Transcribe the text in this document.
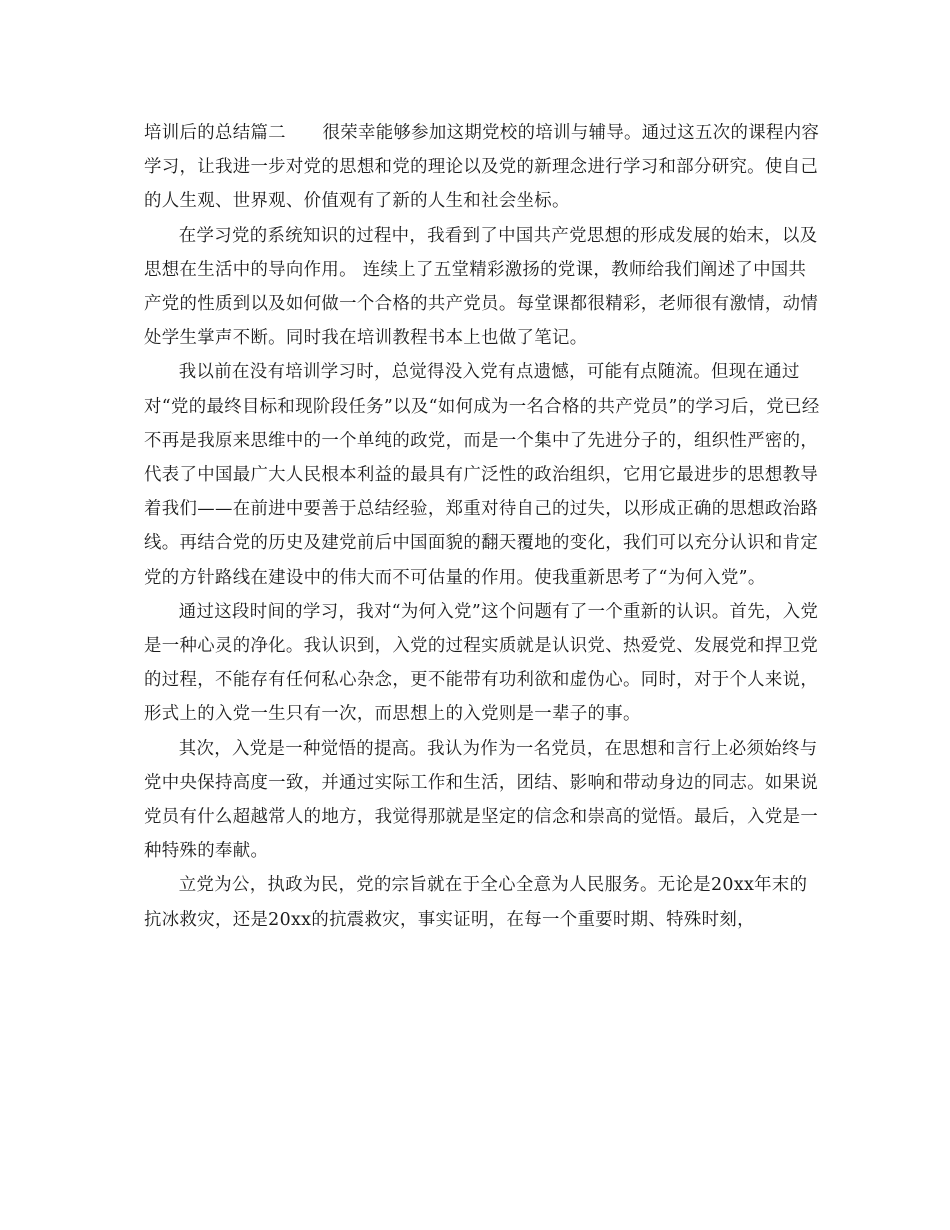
培训后的总结篇二 很荣幸能够参加这期党校的培训与辅导。通过这五次的课程内容学习，让我进一步对党的思想和党的理论以及党的新理念进行学习和部分研究。使自己的人生观、世界观、价值观有了新的人生和社会坐标。

在学习党的系统知识的过程中，我看到了中国共产党思想的形成发展的始末，以及思想在生活中的导向作用。 连续上了五堂精彩激扬的党课，教师给我们阐述了中国共产党的性质到以及如何做一个合格的共产党员。每堂课都很精彩，老师很有激情，动情处学生掌声不断。同时我在培训教程书本上也做了笔记。

我以前在没有培训学习时，总觉得没入党有点遗憾，可能有点随流。但现在通过对“党的最终目标和现阶段任务”以及“如何成为一名合格的共产党员”的学习后，党已经不再是我原来思维中的一个单纯的政党，而是一个集中了先进分子的，组织性严密的，代表了中国最广大人民根本利益的最具有广泛性的政治组织，它用它最进步的思想教导着我们——在前进中要善于总结经验，郑重对待自己的过失，以形成正确的思想政治路线。再结合党的历史及建党前后中国面貌的翻天覆地的变化，我们可以充分认识和肯定党的方针路线在建设中的伟大而不可估量的作用。使我重新思考了“为何入党”。

通过这段时间的学习，我对“为何入党”这个问题有了一个重新的认识。首先，入党是一种心灵的净化。我认识到，入党的过程实质就是认识党、热爱党、发展党和捍卫党的过程，不能存有任何私心杂念，更不能带有功利欲和虚伪心。同时，对于个人来说，形式上的入党一生只有一次，而思想上的入党则是一辈子的事。

其次，入党是一种觉悟的提高。我认为作为一名党员，在思想和言行上必须始终与党中央保持高度一致，并通过实际工作和生活，团结、影响和带动身边的同志。如果说党员有什么超越常人的地方，我觉得那就是坚定的信念和崇高的觉悟。最后，入党是一种特殊的奉献。

立党为公，执政为民，党的宗旨就在于全心全意为人民服务。无论是20xx年末的抗冰救灾，还是20xx的抗震救灾，事实证明，在每一个重要时期、特殊时刻，
